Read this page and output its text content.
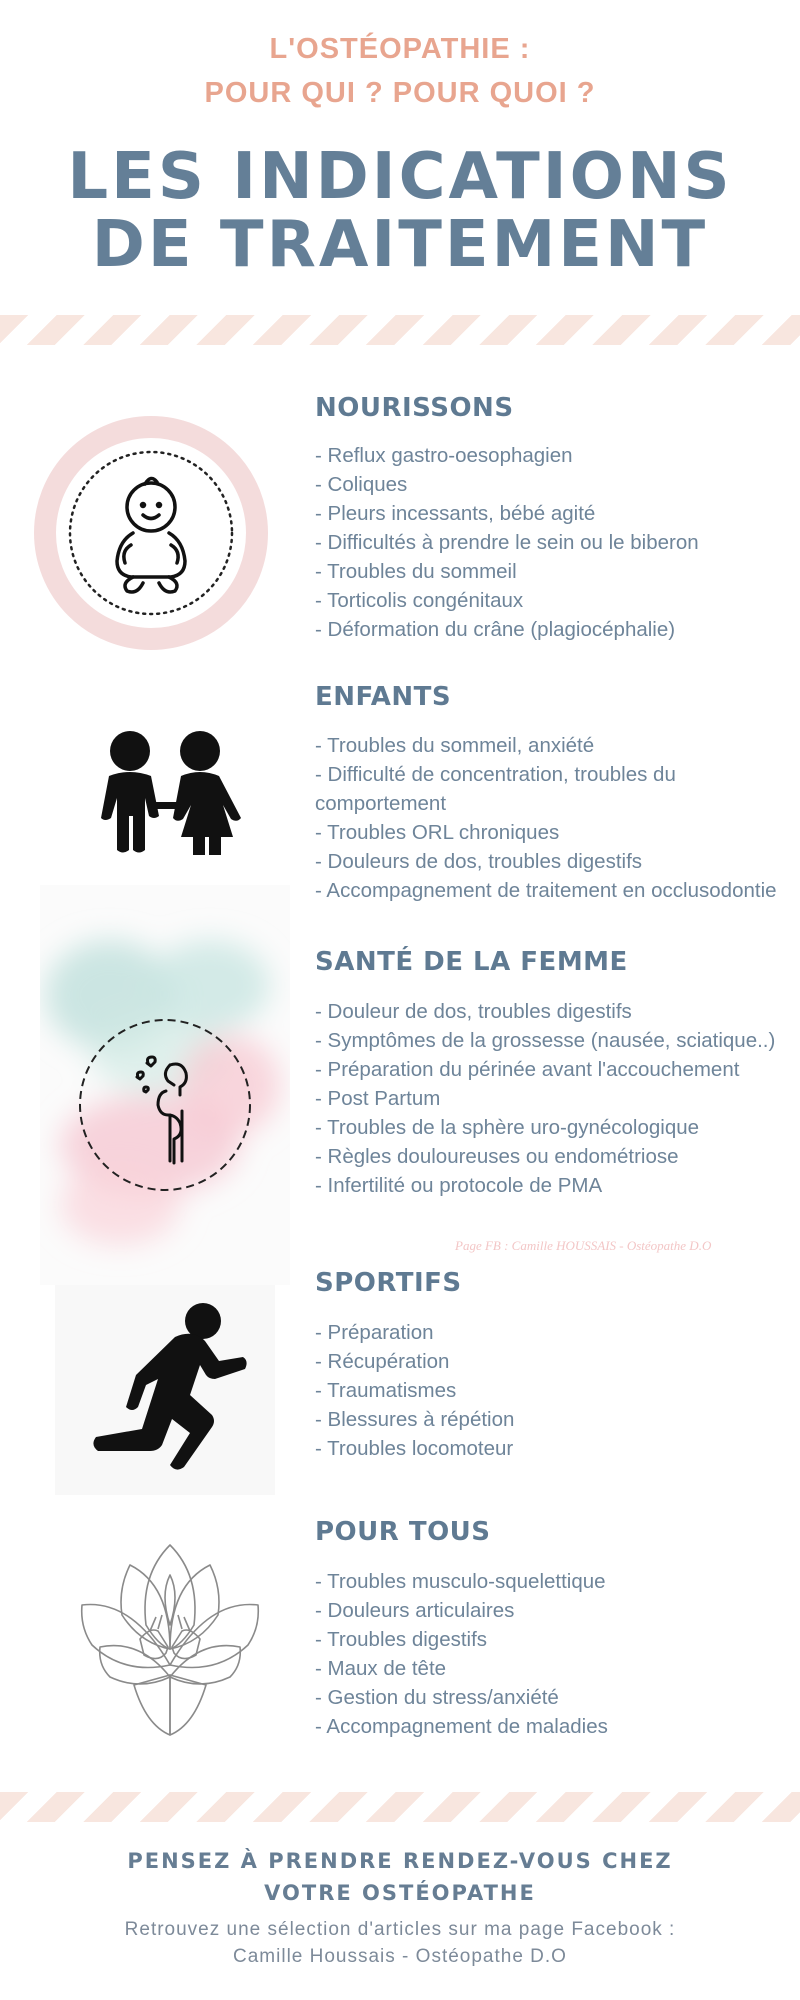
L'OSTÉOPATHIE :
POUR QUI ? POUR QUOI ?
LES INDICATIONS
DE TRAITEMENT
NOURISSONS
- Reflux gastro-oesophagien
- Coliques
- Pleurs incessants, bébé agité
- Difficultés à prendre le sein ou le biberon
- Troubles du sommeil
- Torticolis congénitaux
- Déformation du crâne (plagiocéphalie)
ENFANTS
- Troubles du sommeil, anxiété
- Difficulté de concentration, troubles du
comportement
- Troubles ORL chroniques
- Douleurs de dos, troubles digestifs
- Accompagnement de traitement en occlusodontie
SANTÉ DE LA FEMME
- Douleur de dos, troubles digestifs
- Symptômes de la grossesse (nausée, sciatique..)
- Préparation du périnée avant l'accouchement
- Post Partum
- Troubles de la sphère uro-gynécologique
- Règles douloureuses ou endométriose
- Infertilité ou protocole de PMA
Page FB : Camille HOUSSAIS - Ostéopathe D.O
SPORTIFS
- Préparation
- Récupération
- Traumatismes
- Blessures à répétion
- Troubles locomoteur
POUR TOUS
- Troubles musculo-squelettique
- Douleurs articulaires
- Troubles digestifs
- Maux de tête
- Gestion du stress/anxiété
- Accompagnement de maladies
PENSEZ À PRENDRE RENDEZ-VOUS CHEZ
VOTRE OSTÉOPATHE
Retrouvez une sélection d'articles sur ma page Facebook :
Camille Houssais - Ostéopathe D.O
